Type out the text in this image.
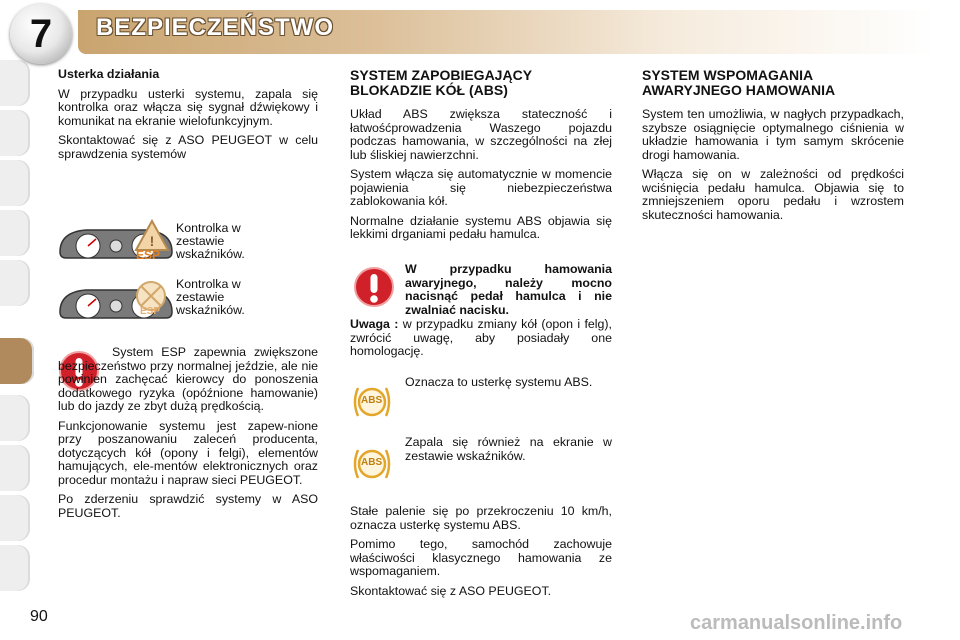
7	BEZPIECZEŃSTWO
Usterka działania

W przypadku usterki systemu, zapala się kontrolka oraz włącza się sygnał dźwiękowy i komunikat na ekranie wielofunkcyjnym.

Skontaktować się z ASO PEUGEOT w celu sprawdzenia systemów

!
ESP
Kontrolka w zestawie wskaźników.
ESP
Kontrolka w zestawie wskaźników.

System ESP zapewnia zwiększone bezpieczeństwo przy normalnej jeździe, ale nie powinien zachęcać kierowcy do ponoszenia dodatkowego ryzyka (opóźnione hamowanie) lub do jazdy ze zbyt dużą prędkością.

Funkcjonowanie systemu jest zapew-nione przy poszanowaniu zaleceń producenta, dotyczących kół (opony i felgi), elementów hamujących, ele-mentów elektronicznych oraz procedur montażu i napraw sieci PEUGEOT.

Po zderzeniu sprawdzić systemy w ASO PEUGEOT.

SYSTEM ZAPOBIEGAJĄCY BLOKADZIE KÓŁ (ABS)

Układ ABS zwiększa stateczność i łatwośćprowadzenia Waszego pojazdu podczas hamowania, w szczególności na złej lub śliskiej nawierzchni.

System włącza się automatycznie w momencie pojawienia się niebezpieczeństwa zablokowania kół.

Normalne działanie systemu ABS objawia się lekkimi drganiami pedału hamulca.

W przypadku hamowania awaryjnego, należy mocno nacisnąć pedał hamulca i nie zwalniać nacisku.

Uwaga : w przypadku zmiany kół (opon i felg), zwrócić uwagę, aby posiadały one homologację.

ABS

Oznacza to usterkę systemu ABS.

ABS

Zapala się również na ekranie w zestawie wskaźników.

Stałe palenie się po przekroczeniu 10 km/h, oznacza usterkę systemu ABS.

Pomimo tego, samochód zachowuje właściwości klasycznego hamowania ze wspomaganiem.

Skontaktować się z ASO PEUGEOT.

SYSTEM WSPOMAGANIA AWARYJNEGO HAMOWANIA

System ten umożliwia, w nagłych przypadkach, szybsze osiągnięcie optymalnego ciśnienia w układzie hamowania i tym samym skrócenie drogi hamowania.

Włącza się on w zależności od prędkości wciśnięcia pedału hamulca. Objawia się to zmniejszeniem oporu pedału i wzrostem skuteczności hamowania.

90	carmanualsonline.info
